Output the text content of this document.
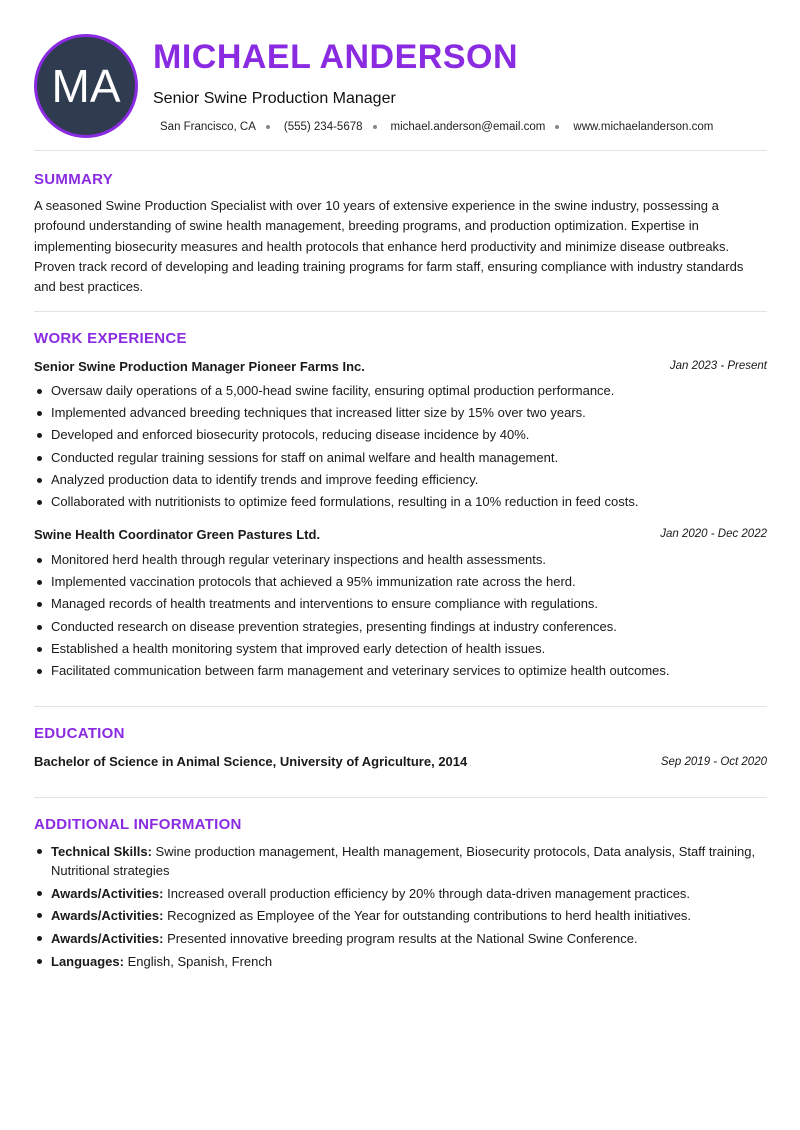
MA
MICHAEL ANDERSON
Senior Swine Production Manager
San Francisco, CA (555) 234-5678 michael.anderson@email.com www.michaelanderson.com
SUMMARY
A seasoned Swine Production Specialist with over 10 years of extensive experience in the swine industry, possessing a profound understanding of swine health management, breeding programs, and production optimization. Expertise in implementing biosecurity measures and health protocols that enhance herd productivity and minimize disease outbreaks. Proven track record of developing and leading training programs for farm staff, ensuring compliance with industry standards and best practices.
WORK EXPERIENCE
Senior Swine Production Manager Pioneer Farms Inc.	Jan 2023 - Present
Oversaw daily operations of a 5,000-head swine facility, ensuring optimal production performance.
Implemented advanced breeding techniques that increased litter size by 15% over two years.
Developed and enforced biosecurity protocols, reducing disease incidence by 40%.
Conducted regular training sessions for staff on animal welfare and health management.
Analyzed production data to identify trends and improve feeding efficiency.
Collaborated with nutritionists to optimize feed formulations, resulting in a 10% reduction in feed costs.
Swine Health Coordinator Green Pastures Ltd.	Jan 2020 - Dec 2022
Monitored herd health through regular veterinary inspections and health assessments.
Implemented vaccination protocols that achieved a 95% immunization rate across the herd.
Managed records of health treatments and interventions to ensure compliance with regulations.
Conducted research on disease prevention strategies, presenting findings at industry conferences.
Established a health monitoring system that improved early detection of health issues.
Facilitated communication between farm management and veterinary services to optimize health outcomes.
EDUCATION
Bachelor of Science in Animal Science, University of Agriculture, 2014	Sep 2019 - Oct 2020
ADDITIONAL INFORMATION
Technical Skills: Swine production management, Health management, Biosecurity protocols, Data analysis, Staff training, Nutritional strategies
Awards/Activities: Increased overall production efficiency by 20% through data-driven management practices.
Awards/Activities: Recognized as Employee of the Year for outstanding contributions to herd health initiatives.
Awards/Activities: Presented innovative breeding program results at the National Swine Conference.
Languages: English, Spanish, French
